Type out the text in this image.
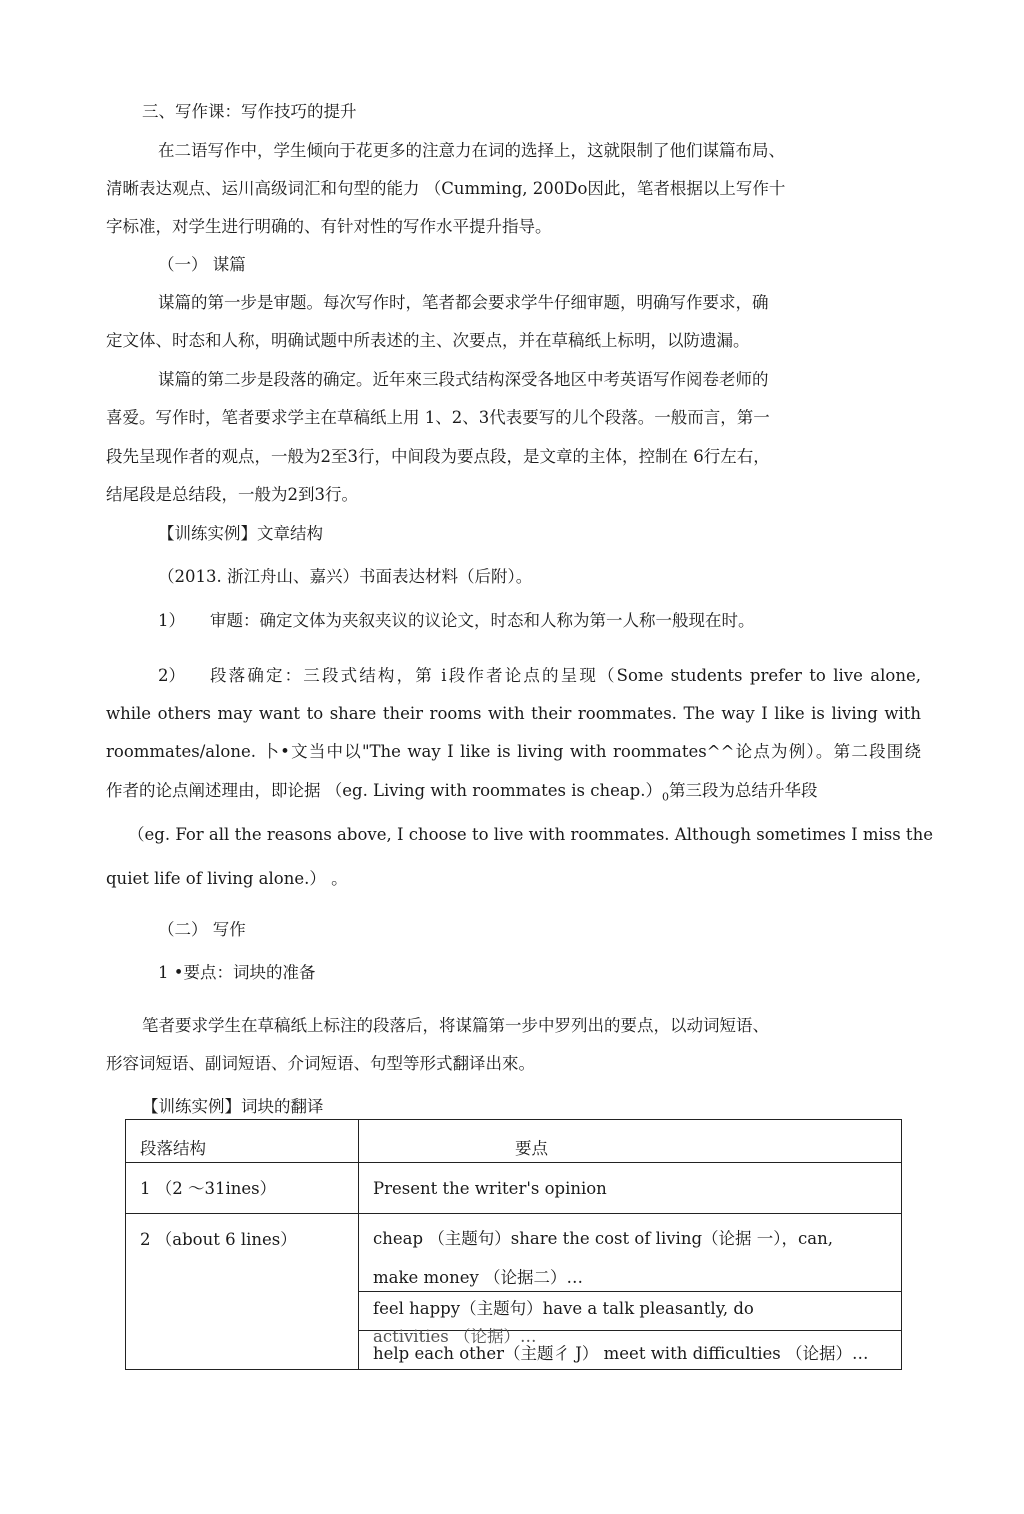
三、写作课：写作技巧的提升
在二语写作中，学生倾向于花更多的注意力在词的选择上，这就限制了他们谋篇布局、
清晰表达观点、运川高级词汇和句型的能力 （Cumming, 200Do因此，笔者根据以上写作十
字标准，对学生进行明确的、有针对性的写作水平提升指导。
（一） 谋篇
谋篇的第一步是审题。每次写作时，笔者都会要求学牛仔细审题，明确写作要求，确
定文体、时态和人称，明确试题中所表述的主、次要点，并在草稿纸上标明，以防遗漏。
谋篇的第二步是段落的确定。近年來三段式结构深受各地区中考英语写作阅卷老师的
喜爱。写作时，笔者要求学主在草稿纸上用 1、2、3代表要写的儿个段落。一般而言，第一
段先呈现作者的观点，一般为2至3行，中间段为要点段，是文章的主体，控制在 6行左右，
结尾段是总结段，一般为2到3行。
【训练实例】文章结构
（2013. 浙江舟山、嘉兴）书面表达材料（后附）。
1） 审题：确定文体为夹叙夹议的议论文，时态和人称为第一人称一般现在时。
2） 段落确定：三段式结构，第 i段作者论点的呈现（Some students prefer to live alone,
while others may want to share their rooms with their roommates. The way I like is living with
roommates/alone. 卜•文当中以"The way I like is living with roommates^^论点为例）。第二段围绕
作者的论点阐述理由，即论据 （eg. Living with roommates is $cheap.)_0$第三段为总结升华段
（eg. For all the reasons above, I choose to live with roommates. Although sometimes I miss the
quiet life of living alone.） 。
（二） 写作
1 •要点：词块的准备
笔者要求学生在草稿纸上标注的段落后，将谋篇第一步中罗列出的要点，以动词短语、
形容词短语、副词短语、介词短语、句型等形式翻译出來。
【训练实例】词块的翻译
段落结构	要点

1 （2 ～31ines）	Present the writer's opinion

2 （about 6 lines）	cheap （主题句）share the cost of living（论据 一），can,
make money （论据二）…
feel happy（主题句）have a talk pleasantly, do
activities （论据）…
help each other（主题彳 J） meet with difficulties （论据）…
